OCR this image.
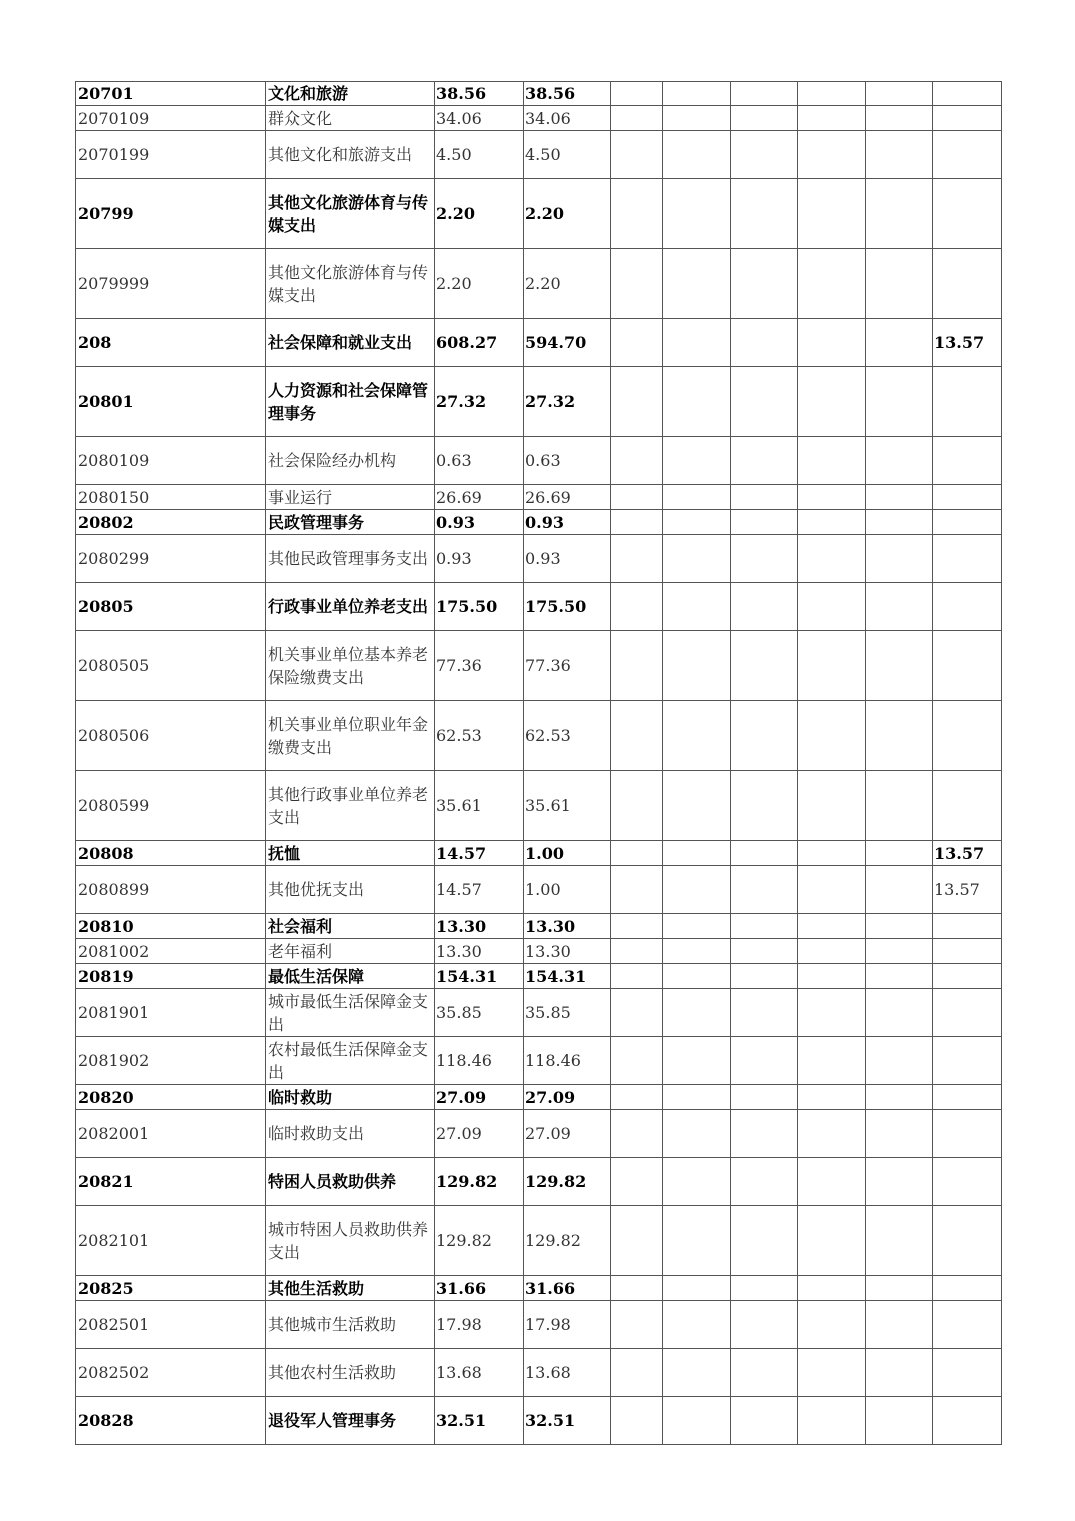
20701	文化和旅游	38.56	38.56						
2070109	群众文化	34.06	34.06						
2070199	其他文化和旅游支出	4.50	4.50						
20799	其他文化旅游体育与传媒支出	2.20	2.20						
2079999	其他文化旅游体育与传媒支出	2.20	2.20						
208	社会保障和就业支出	608.27	594.70						13.57
20801	人力资源和社会保障管理事务	27.32	27.32						
2080109	社会保险经办机构	0.63	0.63						
2080150	事业运行	26.69	26.69						
20802	民政管理事务	0.93	0.93						
2080299	其他民政管理事务支出	0.93	0.93						
20805	行政事业单位养老支出	175.50	175.50						
2080505	机关事业单位基本养老保险缴费支出	77.36	77.36						
2080506	机关事业单位职业年金缴费支出	62.53	62.53						
2080599	其他行政事业单位养老支出	35.61	35.61						
20808	抚恤	14.57	1.00						13.57
2080899	其他优抚支出	14.57	1.00						13.57
20810	社会福利	13.30	13.30						
2081002	老年福利	13.30	13.30						
20819	最低生活保障	154.31	154.31						
2081901	城市最低生活保障金支出	35.85	35.85						
2081902	农村最低生活保障金支出	118.46	118.46						
20820	临时救助	27.09	27.09						
2082001	临时救助支出	27.09	27.09						
20821	特困人员救助供养	129.82	129.82						
2082101	城市特困人员救助供养支出	129.82	129.82						
20825	其他生活救助	31.66	31.66						
2082501	其他城市生活救助	17.98	17.98						
2082502	其他农村生活救助	13.68	13.68						
20828	退役军人管理事务	32.51	32.51						
